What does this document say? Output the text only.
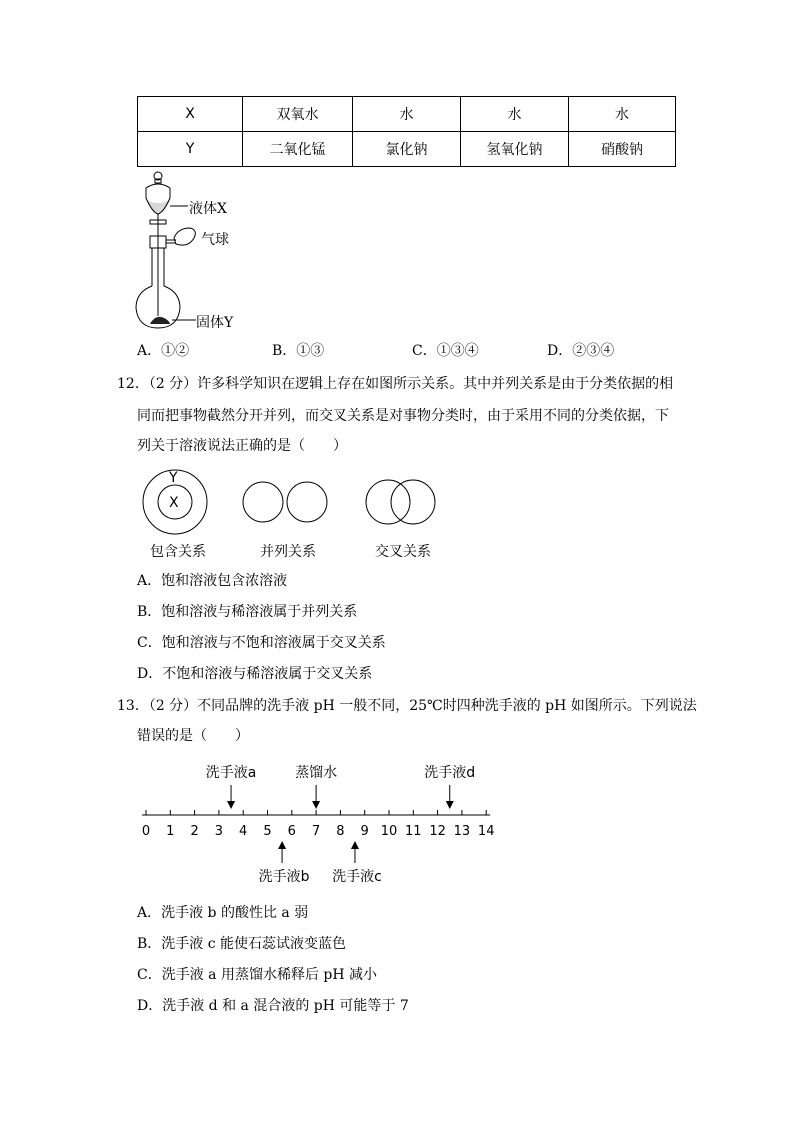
X	双氧水	水	水	水
Y	二氧化锰	氯化钠	氢氧化钠	硝酸钠
液体X
气球
固体Y
A．①②	B．①③	C．①③④	D．②③④
12．（2 分）许多科学知识在逻辑上存在如图所示关系。其中并列关系是由于分类依据的相
同而把事物截然分开并列，而交叉关系是对事物分类时，由于采用不同的分类依据，下
列关于溶液说法正确的是（　　）
Y
X
包含关系	并列关系	交叉关系
A．饱和溶液包含浓溶液
B．饱和溶液与稀溶液属于并列关系
C．饱和溶液与不饱和溶液属于交叉关系
D．不饱和溶液与稀溶液属于交叉关系
13．（2 分）不同品牌的洗手液 pH 一般不同，25℃时四种洗手液的 pH 如图所示。下列说法
错误的是（　　）
0 1 2 3 4 5 6 7 8 9 10 11 12 13 14
洗手液a	蒸馏水	洗手液d
洗手液b 洗手液c
A．洗手液 b 的酸性比 a 弱
B．洗手液 c 能使石蕊试液变蓝色
C．洗手液 a 用蒸馏水稀释后 pH 减小
D．洗手液 d 和 a 混合液的 pH 可能等于 7
